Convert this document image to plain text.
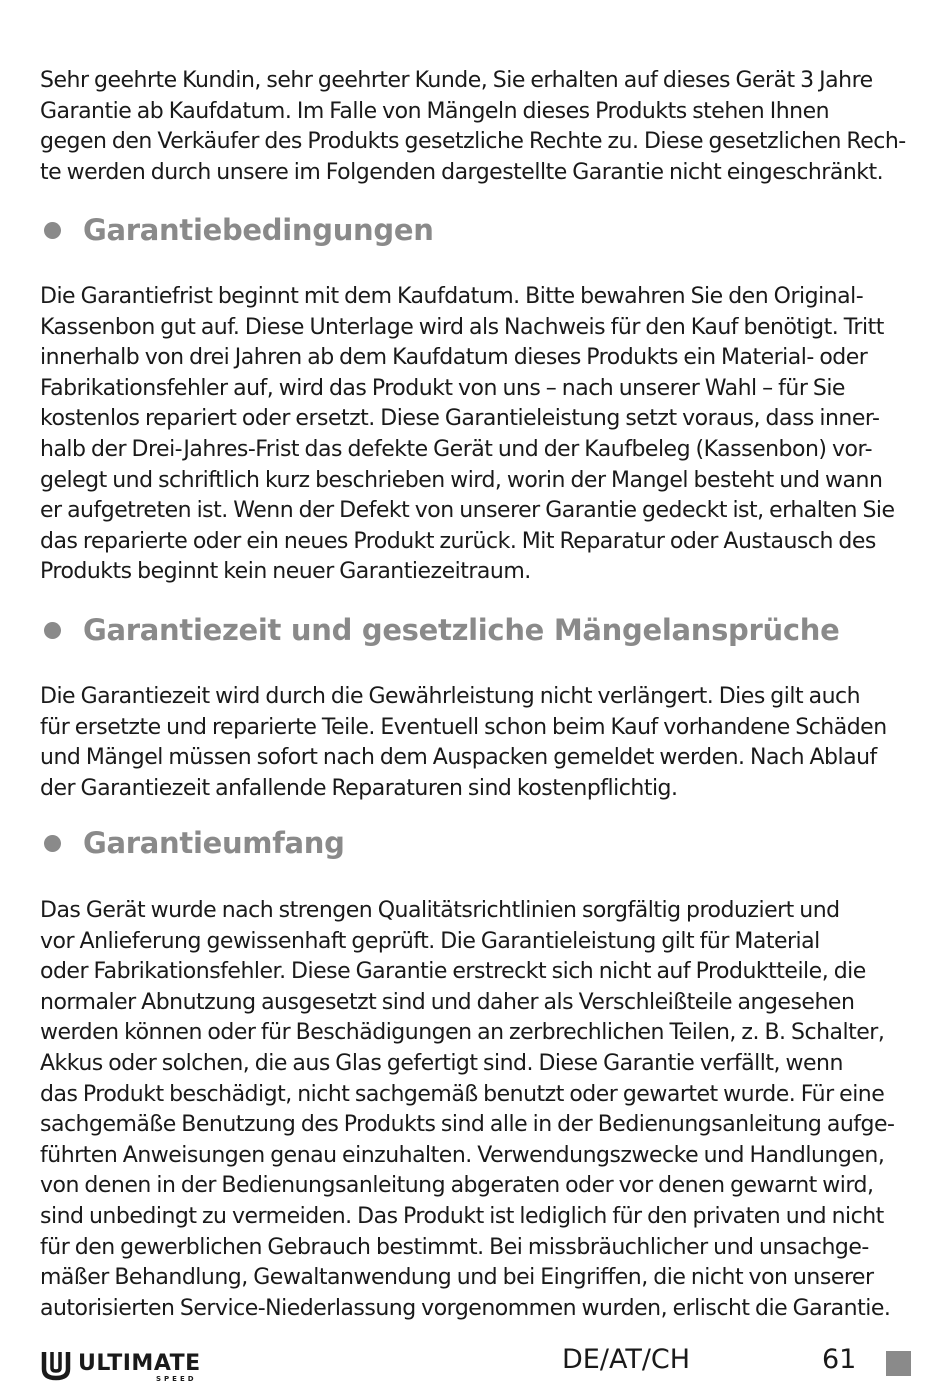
Sehr geehrte Kundin, sehr geehrter Kunde, Sie erhalten auf dieses Gerät 3 Jahre
Garantie ab Kaufdatum. Im Falle von Mängeln dieses Produkts stehen Ihnen
gegen den Verkäufer des Produkts gesetzliche Rechte zu. Diese gesetzlichen Rech-
te werden durch unsere im Folgenden dargestellte Garantie nicht eingeschränkt.

Garantiebedingungen

Die Garantiefrist beginnt mit dem Kaufdatum. Bitte bewahren Sie den Original-
Kassenbon gut auf. Diese Unterlage wird als Nachweis für den Kauf benötigt. Tritt
innerhalb von drei Jahren ab dem Kaufdatum dieses Produkts ein Material- oder
Fabrikationsfehler auf, wird das Produkt von uns – nach unserer Wahl – für Sie
kostenlos repariert oder ersetzt. Diese Garantieleistung setzt voraus, dass inner-
halb der Drei-Jahres-Frist das defekte Gerät und der Kaufbeleg (Kassenbon) vor-
gelegt und schriftlich kurz beschrieben wird, worin der Mangel besteht und wann
er aufgetreten ist. Wenn der Defekt von unserer Garantie gedeckt ist, erhalten Sie
das reparierte oder ein neues Produkt zurück. Mit Reparatur oder Austausch des
Produkts beginnt kein neuer Garantiezeitraum.

Garantiezeit und gesetzliche Mängelansprüche

Die Garantiezeit wird durch die Gewährleistung nicht verlängert. Dies gilt auch
für ersetzte und reparierte Teile. Eventuell schon beim Kauf vorhandene Schäden
und Mängel müssen sofort nach dem Auspacken gemeldet werden. Nach Ablauf
der Garantiezeit anfallende Reparaturen sind kostenpflichtig.

Garantieumfang

Das Gerät wurde nach strengen Qualitätsrichtlinien sorgfältig produziert und
vor Anlieferung gewissenhaft geprüft. Die Garantieleistung gilt für Material
oder Fabrikationsfehler. Diese Garantie erstreckt sich nicht auf Produktteile, die
normaler Abnutzung ausgesetzt sind und daher als Verschleißteile angesehen
werden können oder für Beschädigungen an zerbrechlichen Teilen, z. B. Schalter,
Akkus oder solchen, die aus Glas gefertigt sind. Diese Garantie verfällt, wenn
das Produkt beschädigt, nicht sachgemäß benutzt oder gewartet wurde. Für eine
sachgemäße Benutzung des Produkts sind alle in der Bedienungsanleitung aufge-
führten Anweisungen genau einzuhalten. Verwendungszwecke und Handlungen,
von denen in der Bedienungsanleitung abgeraten oder vor denen gewarnt wird,
sind unbedingt zu vermeiden. Das Produkt ist lediglich für den privaten und nicht
für den gewerblichen Gebrauch bestimmt. Bei missbräuchlicher und unsachge-
mäßer Behandlung, Gewaltanwendung und bei Eingriffen, die nicht von unserer
autorisierten Service-Niederlassung vorgenommen wurden, erlischt die Garantie.

ULTIMATE
SPEED
DE/AT/CH	61
